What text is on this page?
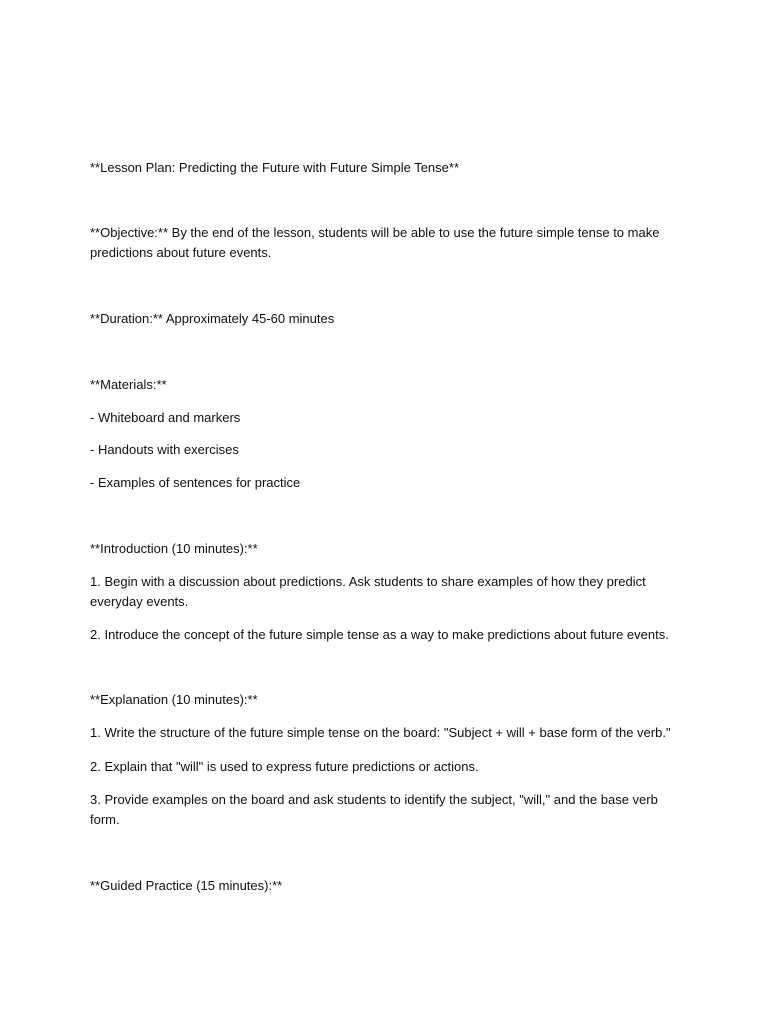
**Lesson Plan: Predicting the Future with Future Simple Tense**

**Objective:** By the end of the lesson, students will be able to use the future simple tense to make predictions about future events.

**Duration:** Approximately 45-60 minutes

**Materials:**

- Whiteboard and markers

- Handouts with exercises

- Examples of sentences for practice

**Introduction (10 minutes):**

1. Begin with a discussion about predictions. Ask students to share examples of how they predict everyday events.

2. Introduce the concept of the future simple tense as a way to make predictions about future events.

**Explanation (10 minutes):**

1. Write the structure of the future simple tense on the board: "Subject + will + base form of the verb."

2. Explain that "will" is used to express future predictions or actions.

3. Provide examples on the board and ask students to identify the subject, "will," and the base verb form.

**Guided Practice (15 minutes):**
